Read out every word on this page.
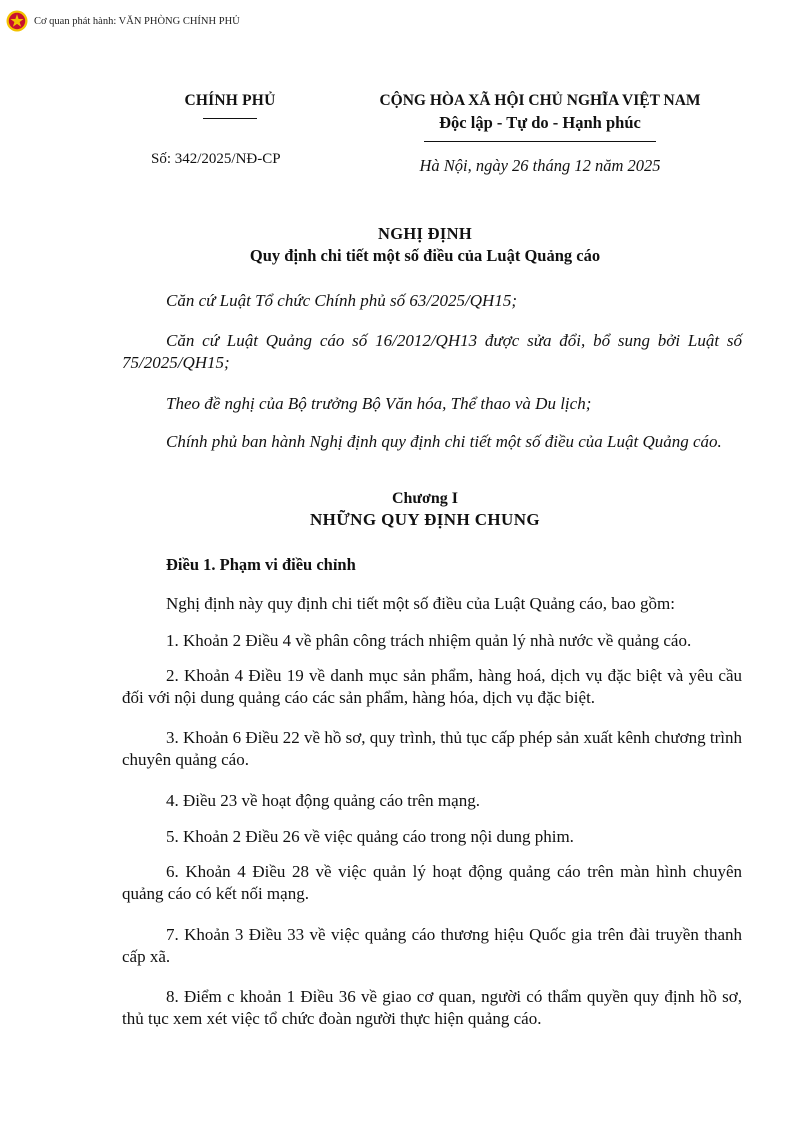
Cơ quan phát hành: VĂN PHÒNG CHÍNH PHỦ
CHÍNH PHỦ	CỘNG HÒA XÃ HỘI CHỦ NGHĨA VIỆT NAM
Độc lập - Tự do - Hạnh phúc
Số: 342/2025/NĐ-CP	Hà Nội, ngày 26 tháng 12 năm 2025
NGHỊ ĐỊNH
Quy định chi tiết một số điều của Luật Quảng cáo

Căn cứ Luật Tổ chức Chính phủ số 63/2025/QH15;

Căn cứ Luật Quảng cáo số 16/2012/QH13 được sửa đổi, bổ sung bởi Luật số 75/2025/QH15;

Theo đề nghị của Bộ trưởng Bộ Văn hóa, Thể thao và Du lịch;

Chính phủ ban hành Nghị định quy định chi tiết một số điều của Luật Quảng cáo.

Chương I
NHỮNG QUY ĐỊNH CHUNG
Điều 1. Phạm vi điều chỉnh

Nghị định này quy định chi tiết một số điều của Luật Quảng cáo, bao gồm:

1. Khoản 2 Điều 4 về phân công trách nhiệm quản lý nhà nước về quảng cáo.

2. Khoản 4 Điều 19 về danh mục sản phẩm, hàng hoá, dịch vụ đặc biệt và yêu cầu đối với nội dung quảng cáo các sản phẩm, hàng hóa, dịch vụ đặc biệt.

3. Khoản 6 Điều 22 về hồ sơ, quy trình, thủ tục cấp phép sản xuất kênh chương trình chuyên quảng cáo.

4. Điều 23 về hoạt động quảng cáo trên mạng.

5. Khoản 2 Điều 26 về việc quảng cáo trong nội dung phim.

6. Khoản 4 Điều 28 về việc quản lý hoạt động quảng cáo trên màn hình chuyên quảng cáo có kết nối mạng.

7. Khoản 3 Điều 33 về việc quảng cáo thương hiệu Quốc gia trên đài truyền thanh cấp xã.

8. Điểm c khoản 1 Điều 36 về giao cơ quan, người có thẩm quyền quy định hồ sơ, thủ tục xem xét việc tổ chức đoàn người thực hiện quảng cáo.
